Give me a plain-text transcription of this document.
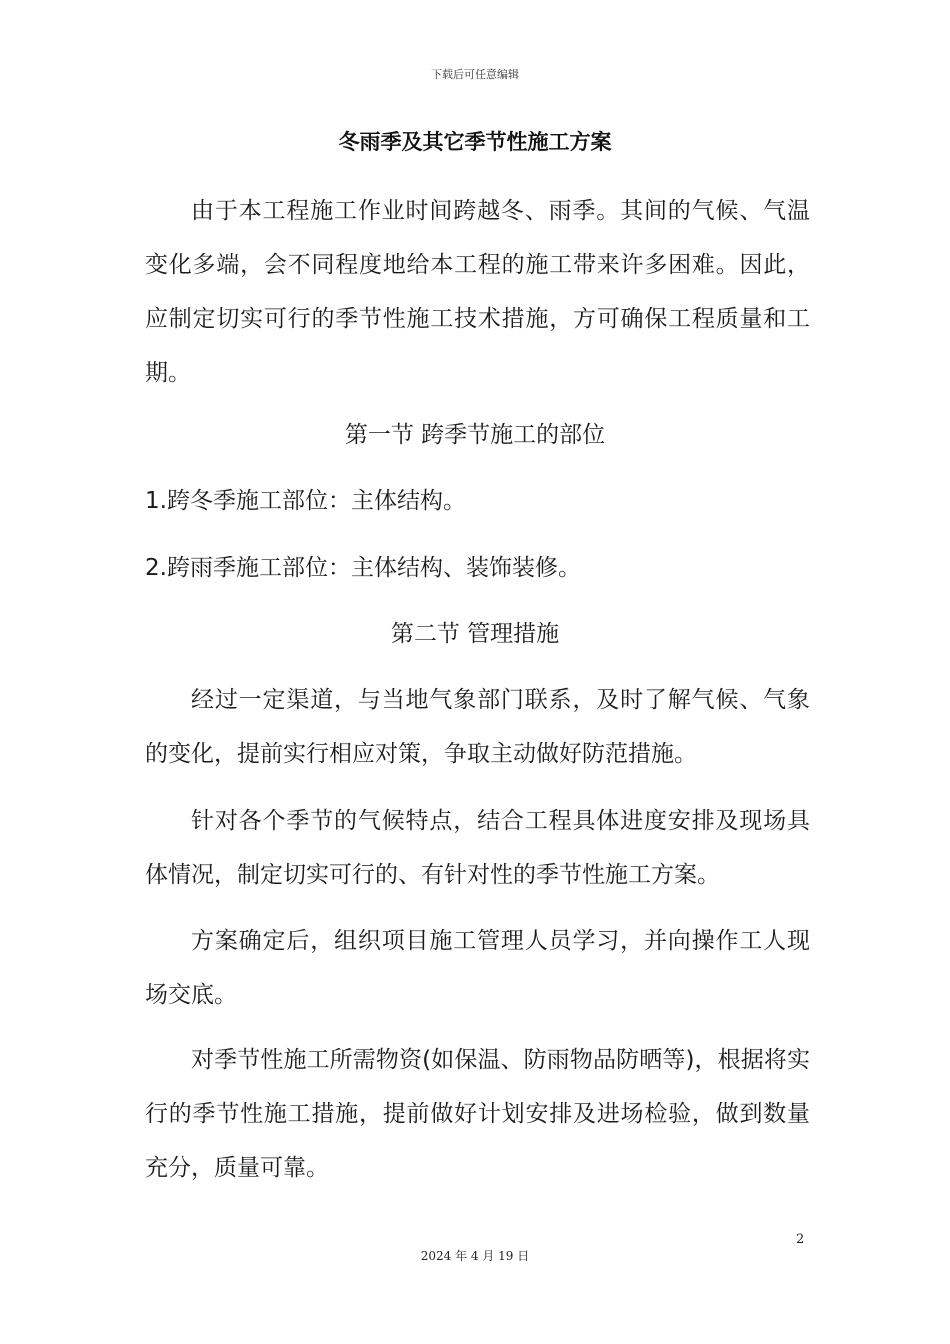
下载后可任意编辑
冬雨季及其它季节性施工方案

由于本工程施工作业时间跨越冬、雨季。其间的气候、气温变化多端，会不同程度地给本工程的施工带来许多困难。因此，应制定切实可行的季节性施工技术措施，方可确保工程质量和工期。

第一节 跨季节施工的部位

1.跨冬季施工部位：主体结构。

2.跨雨季施工部位：主体结构、装饰装修。

第二节 管理措施

经过一定渠道，与当地气象部门联系，及时了解气候、气象的变化，提前实行相应对策，争取主动做好防范措施。

针对各个季节的气候特点，结合工程具体进度安排及现场具体情况，制定切实可行的、有针对性的季节性施工方案。

方案确定后，组织项目施工管理人员学习，并向操作工人现场交底。

对季节性施工所需物资(如保温、防雨物品防晒等)，根据将实行的季节性施工措施，提前做好计划安排及进场检验，做到数量充分，质量可靠。

2
2024 年 4 月 19 日
